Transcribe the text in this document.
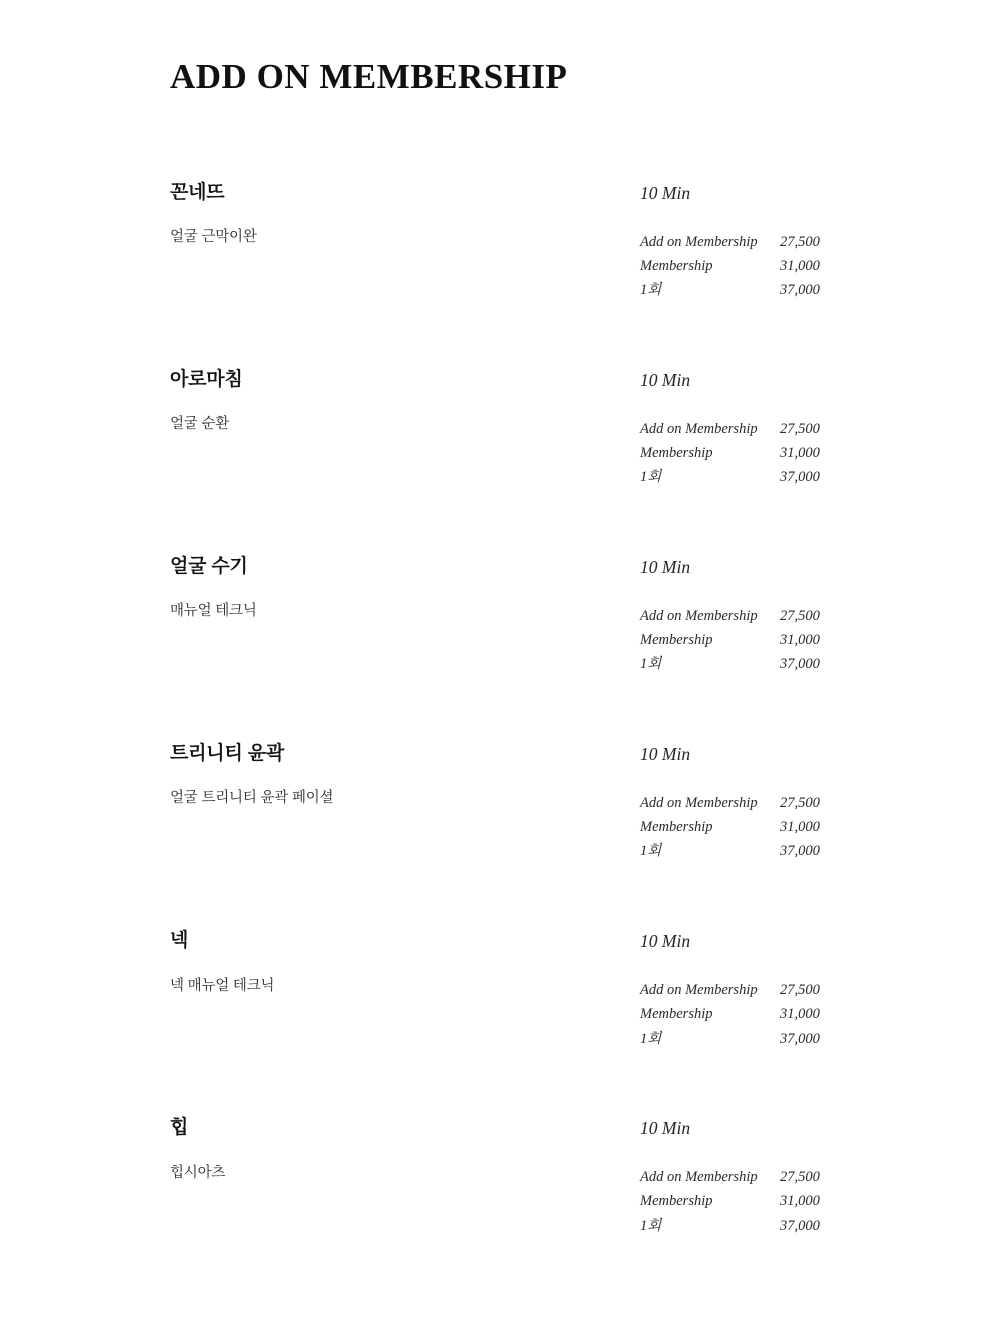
ADD ON MEMBERSHIP
꼰네뜨
얼굴 근막이완
10 Min
Add on Membership	27,500
Membership	31,000
1회	37,000
아로마침
얼굴 순환
10 Min
Add on Membership	27,500
Membership	31,000
1회	37,000
얼굴 수기
매뉴얼 테크닉
10 Min
Add on Membership	27,500
Membership	31,000
1회	37,000
트리니티 윤곽
얼굴 트리니티 윤곽 페이셜
10 Min
Add on Membership	27,500
Membership	31,000
1회	37,000
넥
넥 매뉴얼 테크닉
10 Min
Add on Membership	27,500
Membership	31,000
1회	37,000
힙
힙시아츠
10 Min
Add on Membership	27,500
Membership	31,000
1회	37,000
